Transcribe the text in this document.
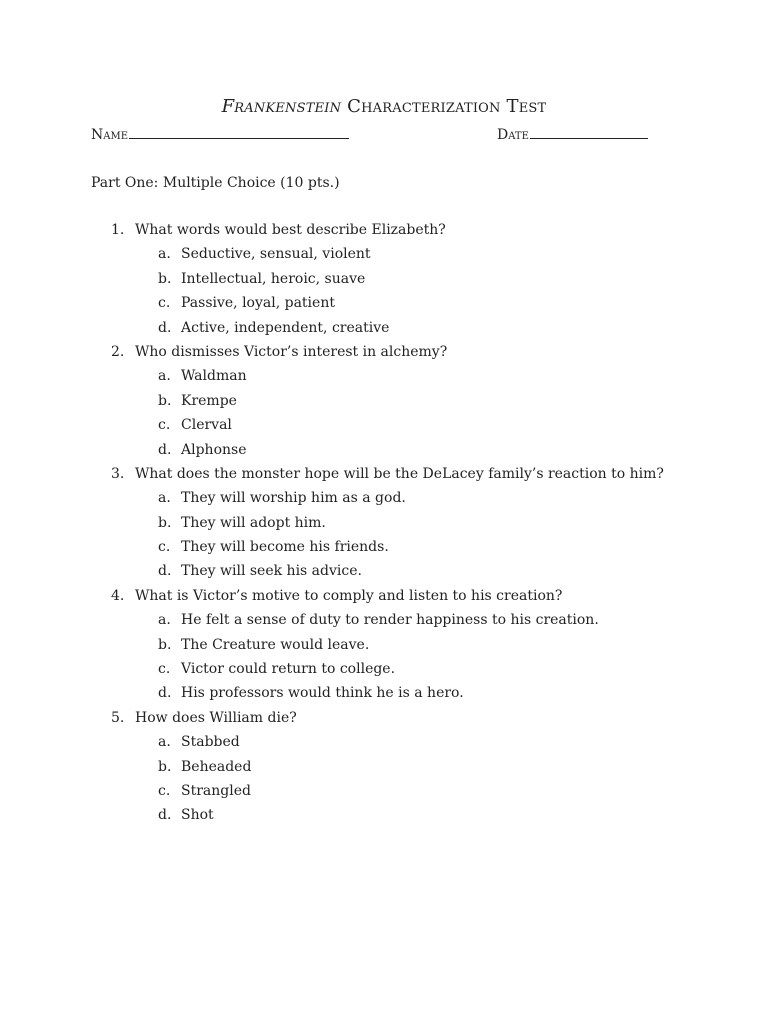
Frankenstein Characterization Test
Name	Date
Part One: Multiple Choice (10 pts.)
1. What words would best describe Elizabeth?
a. Seductive, sensual, violent
b. Intellectual, heroic, suave
c. Passive, loyal, patient
d. Active, independent, creative
2. Who dismisses Victor’s interest in alchemy?
a. Waldman
b. Krempe
c. Clerval
d. Alphonse
3. What does the monster hope will be the DeLacey family’s reaction to him?
a. They will worship him as a god.
b. They will adopt him.
c. They will become his friends.
d. They will seek his advice.
4. What is Victor’s motive to comply and listen to his creation?
a. He felt a sense of duty to render happiness to his creation.
b. The Creature would leave.
c. Victor could return to college.
d. His professors would think he is a hero.
5. How does William die?
a. Stabbed
b. Beheaded
c. Strangled
d. Shot
